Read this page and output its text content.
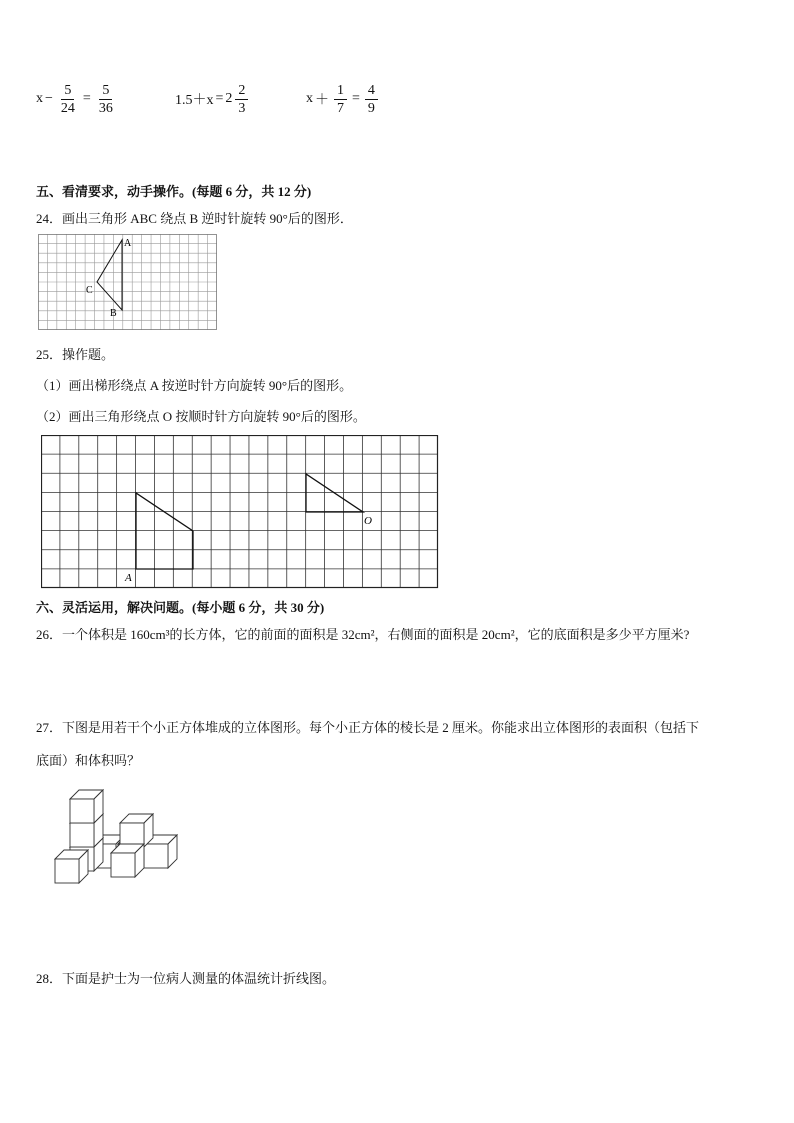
$x - \frac{5}{24} = \frac{5}{36}$	$1.5+x = 2 \frac{2}{3}$	$x + \frac{1}{7} = \frac{4}{9}$
五、看清要求，动手操作。(每题 6 分，共 12 分)
24．画出三角形 ABC 绕点 B 逆时针旋转 90°后的图形．
A
B
C
25．操作题。
（1）画出梯形绕点 A 按逆时针方向旋转 90°后的图形。
（2）画出三角形绕点 O 按顺时针方向旋转 90°后的图形。
A
O
六、灵活运用，解决问题。(每小题 6 分，共 30 分)
26．一个体积是 160cm³的长方体，它的前面的面积是 32cm²，右侧面的面积是 20cm²，它的底面积是多少平方厘米?
27．下图是用若干个小正方体堆成的立体图形。每个小正方体的棱长是 2 厘米。你能求出立体图形的表面积（包括下
底面）和体积吗？
28．下面是护士为一位病人测量的体温统计折线图。
